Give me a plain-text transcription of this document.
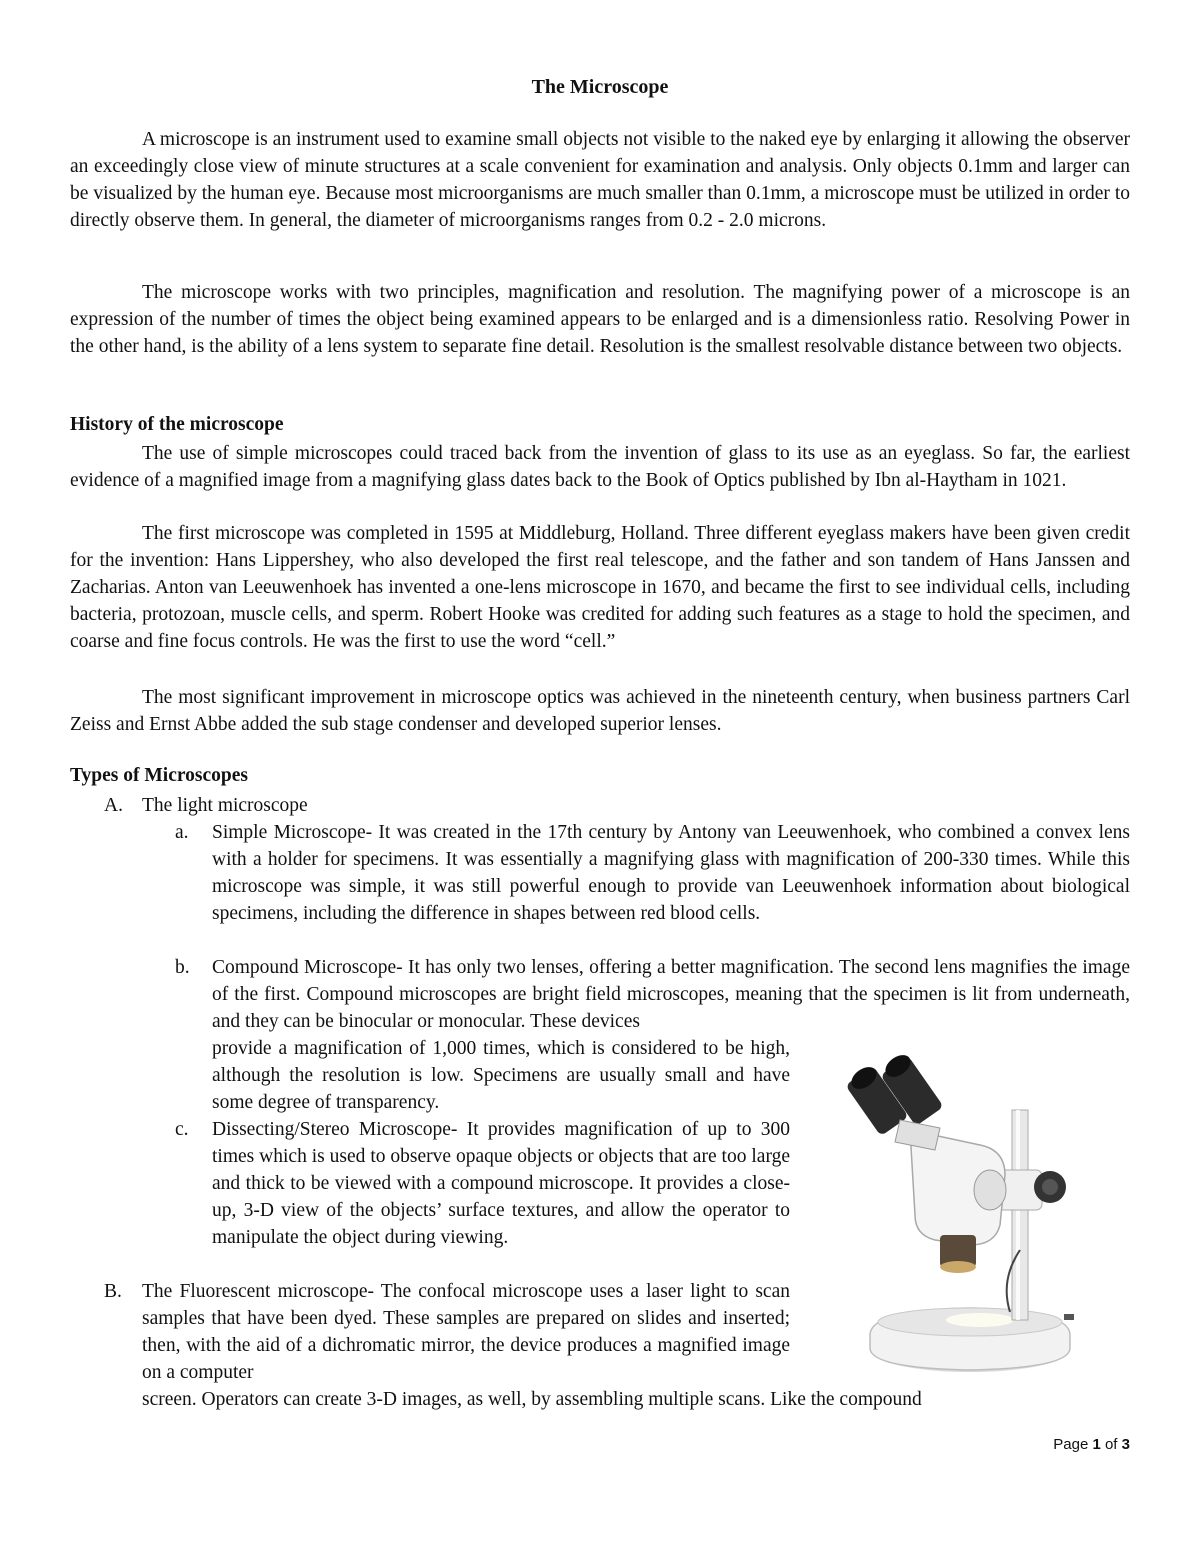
The Microscope

A microscope is an instrument used to examine small objects not visible to the naked eye by enlarging it allowing the observer an exceedingly close view of minute structures at a scale convenient for examination and analysis. Only objects 0.1mm and larger can be visualized by the human eye. Because most microorganisms are much smaller than 0.1mm, a microscope must be utilized in order to directly observe them. In general, the diameter of microorganisms ranges from 0.2 - 2.0 microns.

The microscope works with two principles, magnification and resolution. The magnifying power of a microscope is an expression of the number of times the object being examined appears to be enlarged and is a dimensionless ratio. Resolving Power in the other hand, is the ability of a lens system to separate fine detail. Resolution is the smallest resolvable distance between two objects.

History of the microscope

The use of simple microscopes could traced back from the invention of glass to its use as an eyeglass. So far, the earliest evidence of a magnified image from a magnifying glass dates back to the Book of Optics published by Ibn al-Haytham in 1021.

The first microscope was completed in 1595 at Middleburg, Holland. Three different eyeglass makers have been given credit for the invention: Hans Lippershey, who also developed the first real telescope, and the father and son tandem of Hans Janssen and Zacharias. Anton van Leeuwenhoek has invented a one-lens microscope in 1670, and became the first to see individual cells, including bacteria, protozoan, muscle cells, and sperm. Robert Hooke was credited for adding such features as a stage to hold the specimen, and coarse and fine focus controls. He was the first to use the word “cell.”

The most significant improvement in microscope optics was achieved in the nineteenth century, when business partners Carl Zeiss and Ernst Abbe added the sub stage condenser and developed superior lenses.

Types of Microscopes

A. The light microscope

a. Simple Microscope- It was created in the 17th century by Antony van Leeuwenhoek, who combined a convex lens with a holder for specimens. It was essentially a magnifying glass with magnification of 200-330 times. While this microscope was simple, it was still powerful enough to provide van Leeuwenhoek information about biological specimens, including the difference in shapes between red blood cells.

b. Compound Microscope- It has only two lenses, offering a better magnification. The second lens magnifies the image of the first. Compound microscopes are bright field microscopes, meaning that the specimen is lit from underneath, and they can be binocular or monocular. These devices

provide a magnification of 1,000 times, which is considered to be high, although the resolution is low. Specimens are usually small and have some degree of transparency.

c. Dissecting/Stereo Microscope- It provides magnification of up to 300 times which is used to observe opaque objects or objects that are too large and thick to be viewed with a compound microscope. It provides a close-up, 3-D view of the objects’ surface textures, and allow the operator to manipulate the object during viewing.

B. The Fluorescent microscope- The confocal microscope uses a laser light to scan samples that have been dyed. These samples are prepared on slides and inserted; then, with the aid of a dichromatic mirror, the device produces a magnified image on a computer

screen. Operators can create 3-D images, as well, by assembling multiple scans. Like the compound

Page 1 of 3
